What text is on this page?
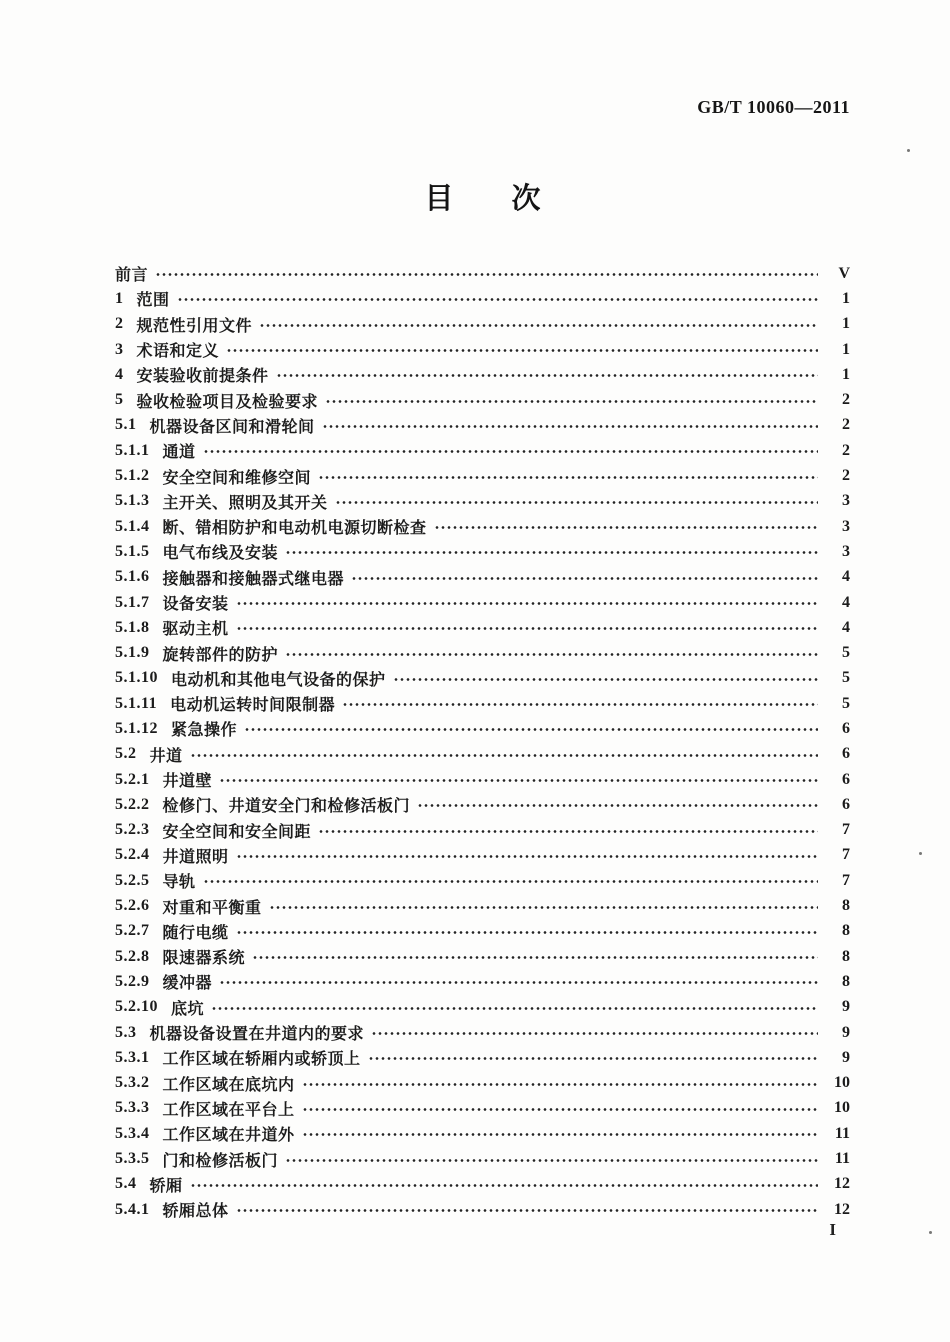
GB/T 10060—2011
目　　次
前言	V
1 范围	1
2 规范性引用文件	1
3 术语和定义	1
4 安装验收前提条件	1
5 验收检验项目及检验要求	2
5.1 机器设备区间和滑轮间	2
5.1.1 通道	2
5.1.2 安全空间和维修空间	2
5.1.3 主开关、照明及其开关	3
5.1.4 断、错相防护和电动机电源切断检查	3
5.1.5 电气布线及安装	3
5.1.6 接触器和接触器式继电器	4
5.1.7 设备安装	4
5.1.8 驱动主机	4
5.1.9 旋转部件的防护	5
5.1.10 电动机和其他电气设备的保护	5
5.1.11 电动机运转时间限制器	5
5.1.12 紧急操作	6
5.2 井道	6
5.2.1 井道壁	6
5.2.2 检修门、井道安全门和检修活板门	6
5.2.3 安全空间和安全间距	7
5.2.4 井道照明	7
5.2.5 导轨	7
5.2.6 对重和平衡重	8
5.2.7 随行电缆	8
5.2.8 限速器系统	8
5.2.9 缓冲器	8
5.2.10 底坑	9
5.3 机器设备设置在井道内的要求	9
5.3.1 工作区域在轿厢内或轿顶上	9
5.3.2 工作区域在底坑内	10
5.3.3 工作区域在平台上	10
5.3.4 工作区域在井道外	11
5.3.5 门和检修活板门	11
5.4 轿厢	12
5.4.1 轿厢总体	12
I
